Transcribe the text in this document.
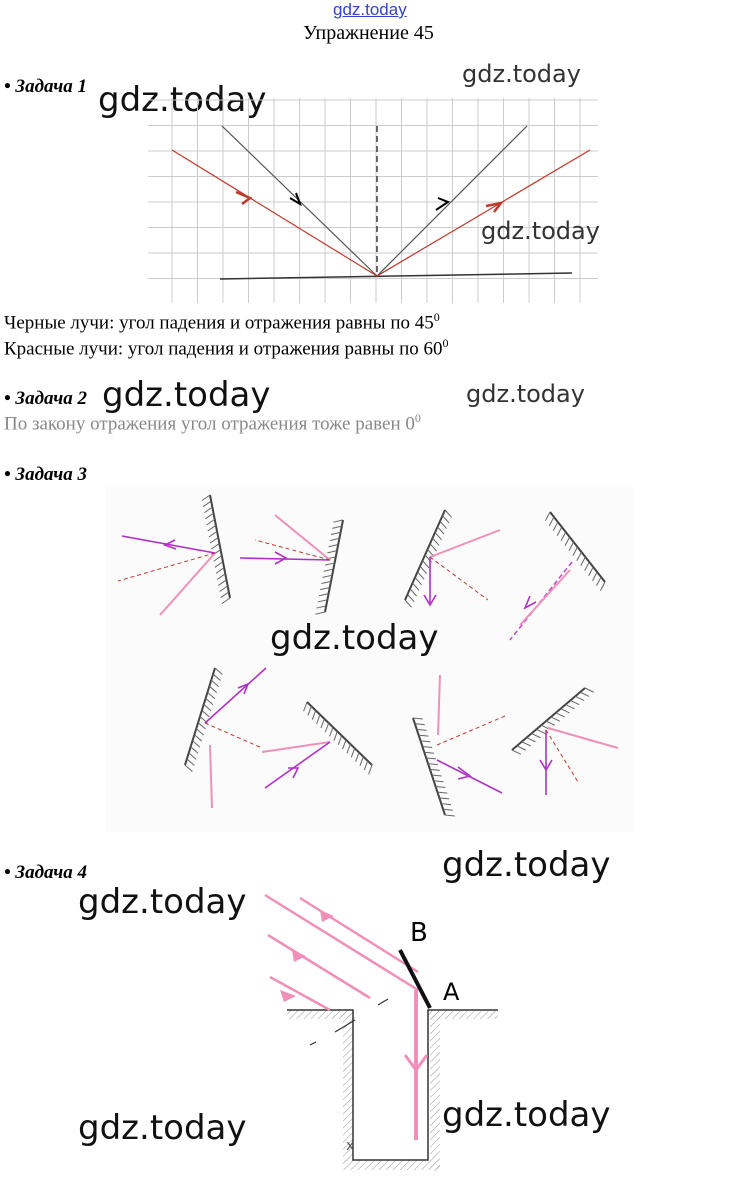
gdz.today
Упражнение 45
• Задача 1 gdz.today
gdz.today
gdz.today
Черные лучи: угол падения и отражения равны по $45^0$
Красные лучи: угол падения и отражения равны по $60^0$
• Задача 2 gdz.today	gdz.today
По закону отражения угол отражения тоже равен $0^0$
• Задача 3
gdz.today
• Задача 4	gdz.today
gdz.today
gdz.today
gdz.today	x
B
A
